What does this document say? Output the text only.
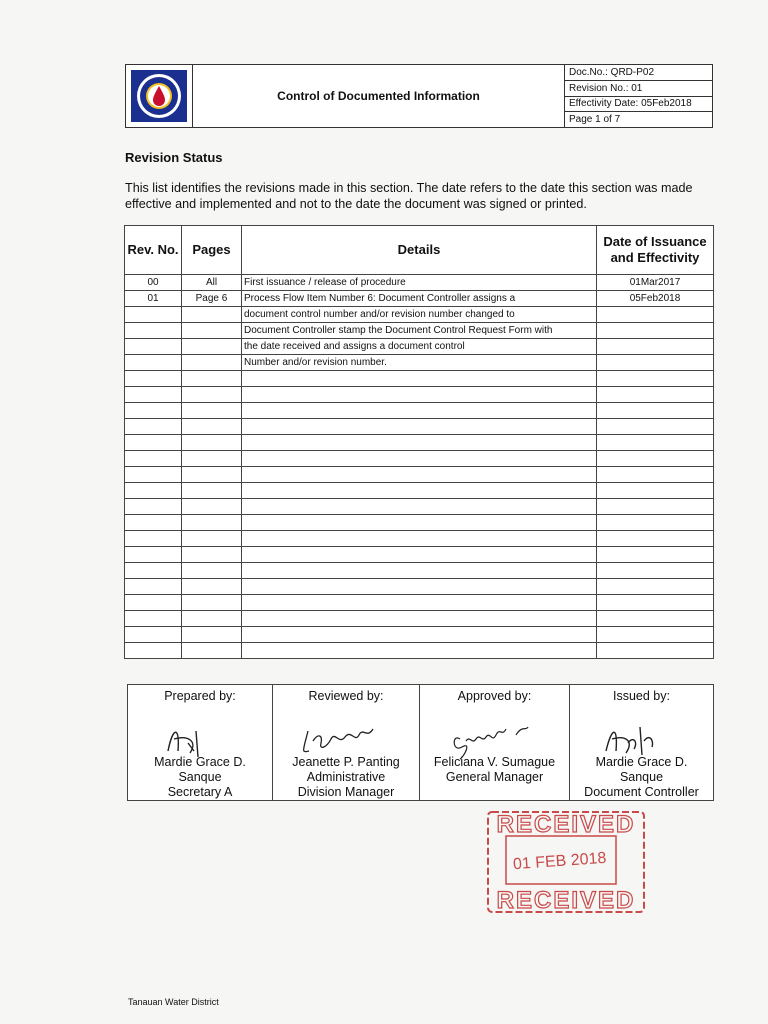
Control of Documented Information
Doc.No.: QRD-P02
Revision No.: 01
Effectivity Date: 05Feb2018
Page 1 of 7
Revision Status
This list identifies the revisions made in this section. The date refers to the date this section was made effective and implemented and not to the date the document was signed or printed.
Rev. No.	Pages	Details	Date of Issuance and Effectivity
00	All	First issuance / release of procedure	01Mar2017
01	Page 6	Process Flow Item Number 6: Document Controller assigns a	05Feb2018
		document control number and/or revision number changed to	
		Document Controller stamp the Document Control Request Form with	
		the date received and assigns a document control	
		Number and/or revision number.	

Prepared by:
Mardie Grace D.
Sanque
Secretary A

Reviewed by:
Jeanette P. Panting
Administrative
Division Manager

Approved by:
Feliciana V. Sumague
General Manager

Issued by:
Mardie Grace D.
Sanque
Document Controller
RECEIVED
01 FEB 2018
RECEIVED
Tanauan Water District
